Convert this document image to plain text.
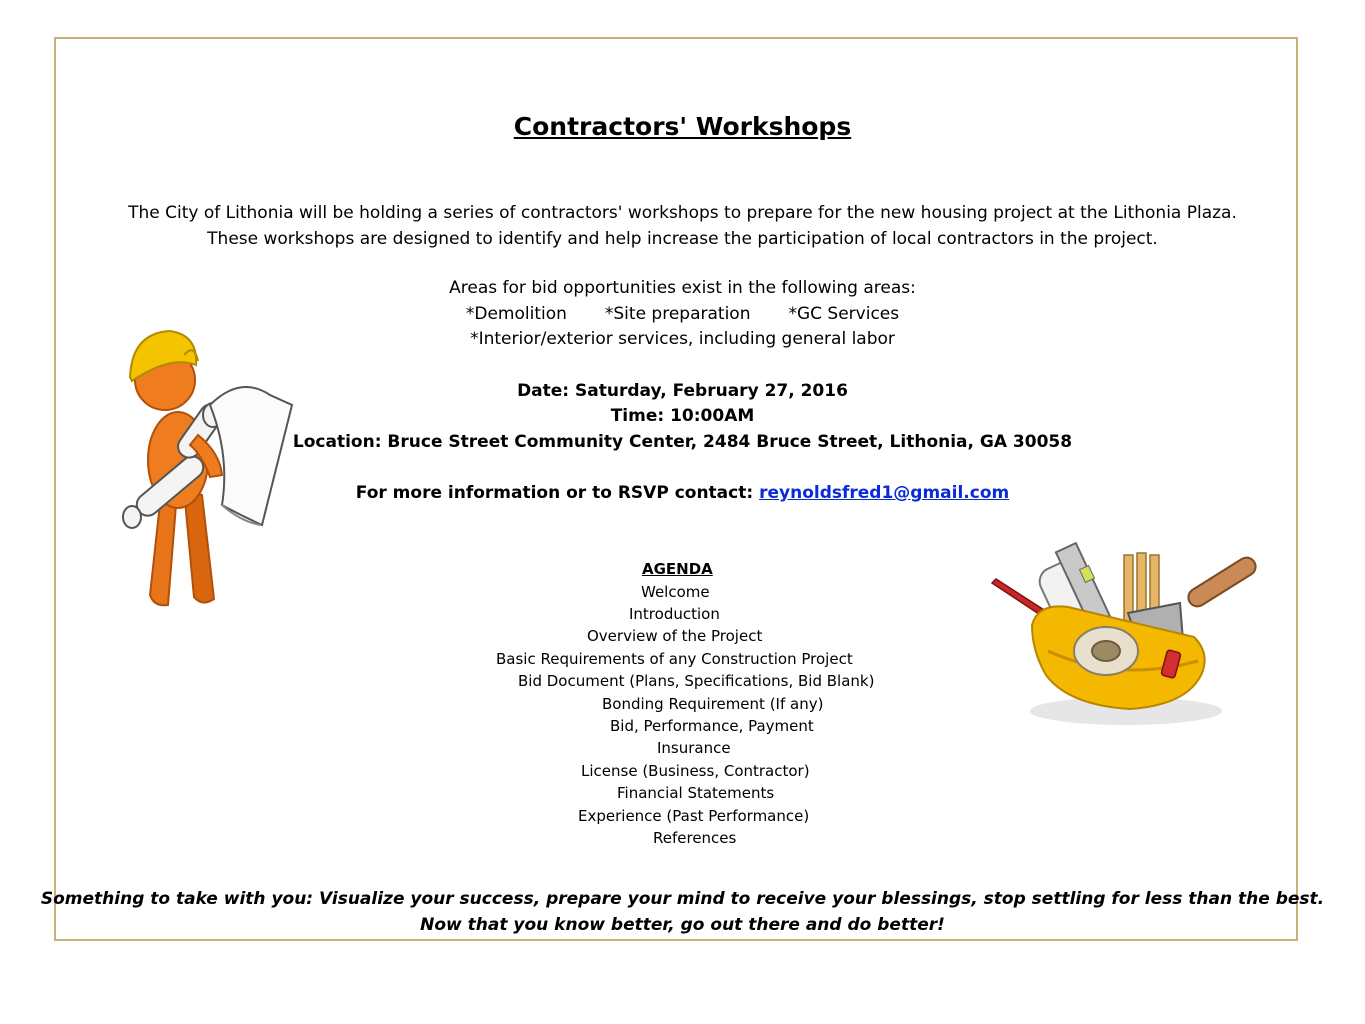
Contractors' Workshops
The City of Lithonia will be holding a series of contractors' workshops to prepare for the new housing project at the Lithonia Plaza.
These workshops are designed to identify and help increase the participation of local contractors in the project.
Areas for bid opportunities exist in the following areas:
*Demolition *Site preparation *GC Services
*Interior/exterior services, including general labor
Date: Saturday, February 27, 2016
Time: 10:00AM
Location: Bruce Street Community Center, 2484 Bruce Street, Lithonia, GA 30058
For more information or to RSVP contact: reynoldsfred1@gmail.com
AGENDA
Welcome
Introduction
Overview of the Project
Basic Requirements of any Construction Project
Bid Document (Plans, Specifications, Bid Blank)
Bonding Requirement (If any)
Bid, Performance, Payment
Insurance
License (Business, Contractor)
Financial Statements
Experience (Past Performance)
References
Something to take with you: Visualize your success, prepare your mind to receive your blessings, stop settling for less than the best.
Now that you know better, go out there and do better!
